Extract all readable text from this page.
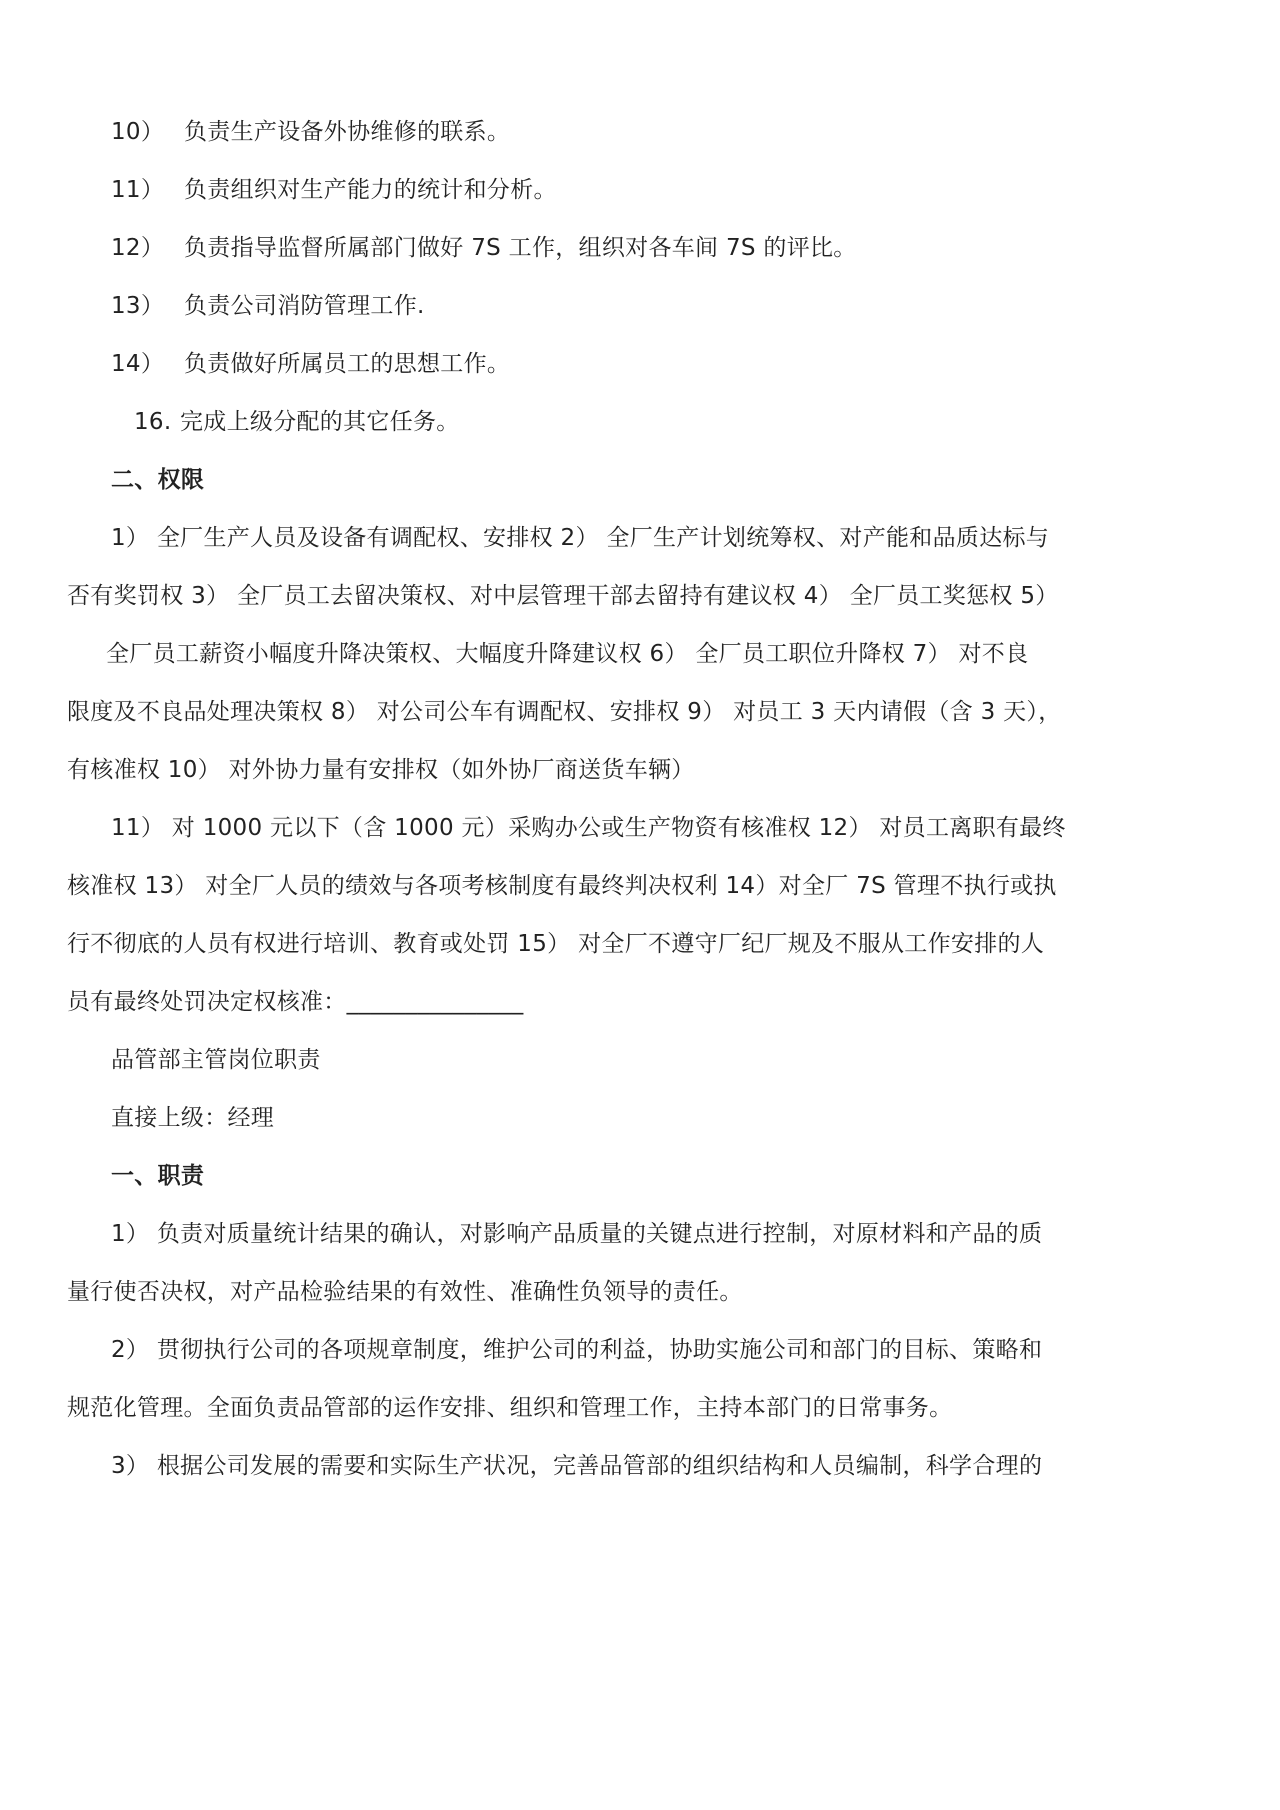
10） 负责生产设备外协维修的联系。
11） 负责组织对生产能力的统计和分析。
12） 负责指导监督所属部门做好 7S 工作，组织对各车间 7S 的评比。
13） 负责公司消防管理工作.
14） 负责做好所属员工的思想工作。
16. 完成上级分配的其它任务。
二、权限
1） 全厂生产人员及设备有调配权、安排权 2） 全厂生产计划统筹权、对产能和品质达标与
否有奖罚权 3） 全厂员工去留决策权、对中层管理干部去留持有建议权 4） 全厂员工奖惩权 5）
全厂员工薪资小幅度升降决策权、大幅度升降建议权 6） 全厂员工职位升降权 7） 对不良
限度及不良品处理决策权 8） 对公司公车有调配权、安排权 9） 对员工 3 天内请假（含 3 天），
有核准权 10） 对外协力量有安排权（如外协厂商送货车辆）
11） 对 1000 元以下（含 1000 元）采购办公或生产物资有核准权 12） 对员工离职有最终
核准权 13） 对全厂人员的绩效与各项考核制度有最终判决权利 14）对全厂 7S 管理不执行或执
行不彻底的人员有权进行培训、教育或处罚 15） 对全厂不遵守厂纪厂规及不服从工作安排的人
员有最终处罚决定权核准：_______________
品管部主管岗位职责
直接上级：经理
一、职责
1） 负责对质量统计结果的确认，对影响产品质量的关键点进行控制，对原材料和产品的质
量行使否决权，对产品检验结果的有效性、准确性负领导的责任。
2） 贯彻执行公司的各项规章制度，维护公司的利益，协助实施公司和部门的目标、策略和
规范化管理。全面负责品管部的运作安排、组织和管理工作，主持本部门的日常事务。
3） 根据公司发展的需要和实际生产状况，完善品管部的组织结构和人员编制，科学合理的
